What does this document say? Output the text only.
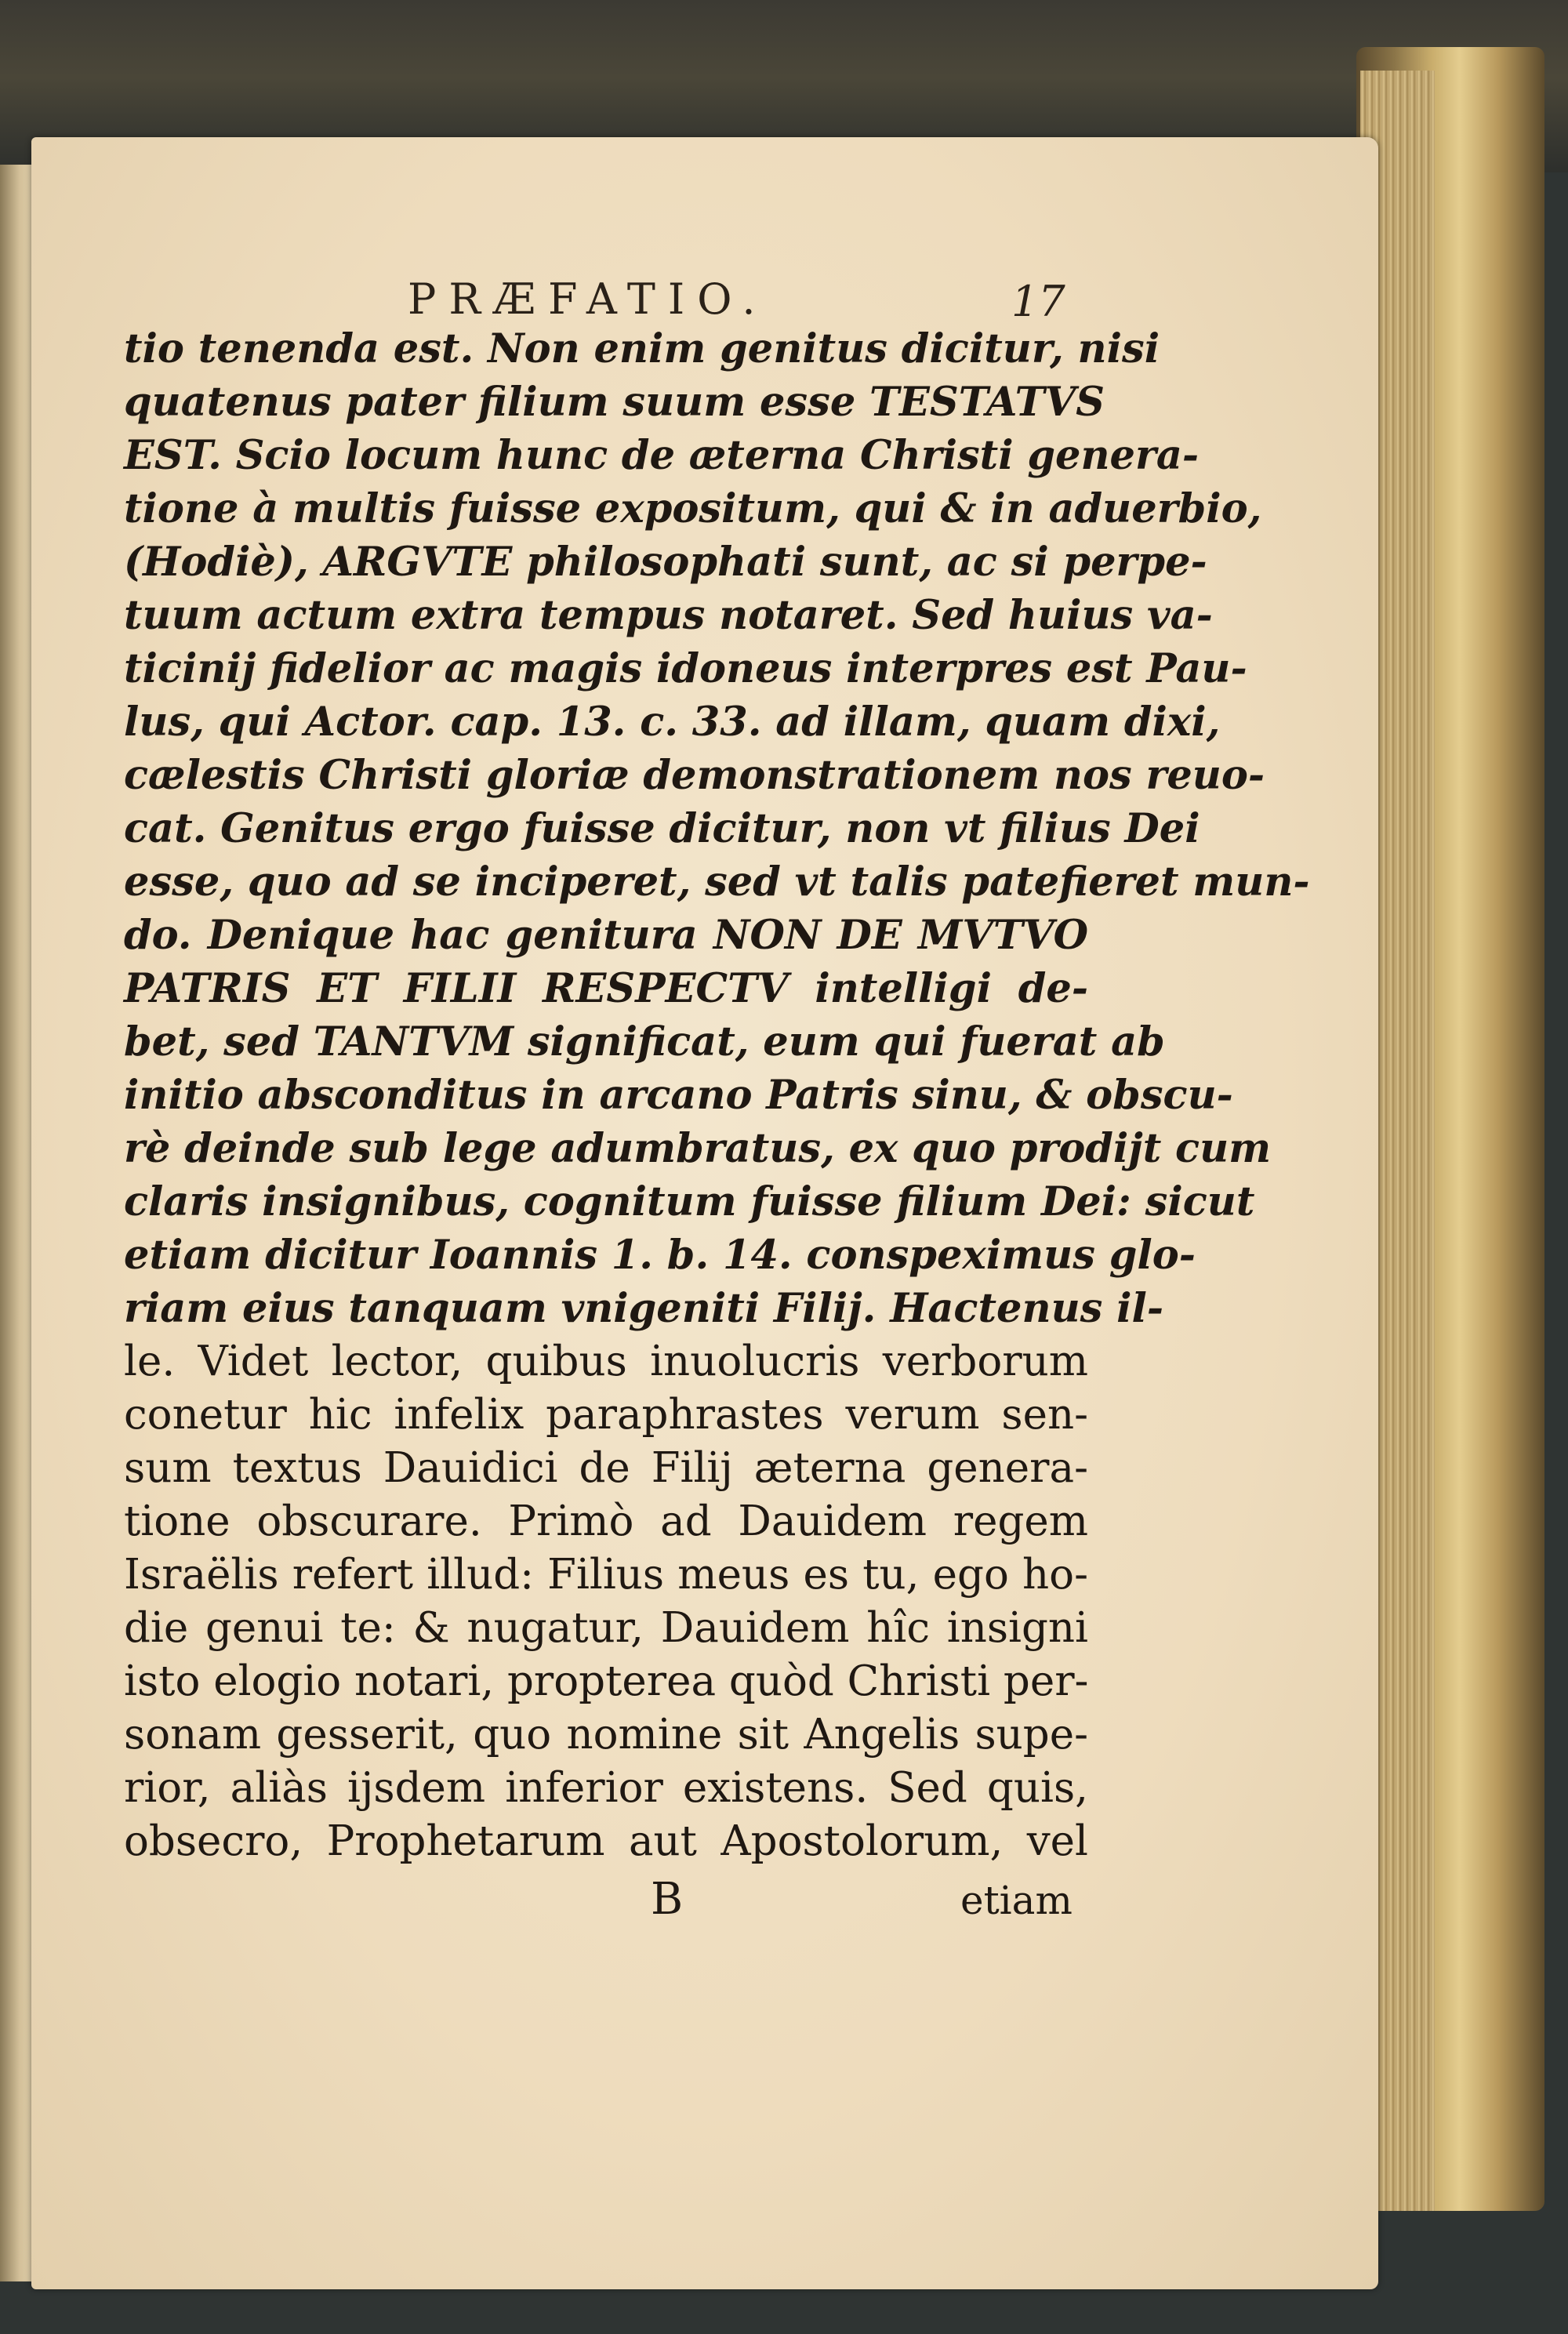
PRÆFATIO.	17
tio tenenda est. Non enim genitus dicitur, nisi
quatenus pater filium suum esse TESTATVS
EST. Scio locum hunc de æterna Christi genera-
tione à multis fuisse expositum, qui & in aduerbio,
(Hodiè), ARGVTE philosophati sunt, ac si perpe-
tuum actum extra tempus notaret. Sed huius va-
ticinij fidelior ac magis idoneus interpres est Pau-
lus, qui Actor. cap. 13. c. 33. ad illam, quam dixi,
cælestis Christi gloriæ demonstrationem nos reuo-
cat. Genitus ergo fuisse dicitur, non vt filius Dei
esse, quo ad se inciperet, sed vt talis patefieret mun-
do. Denique hac genitura NON DE MVTVO
PATRIS ET FILII RESPECTV intelligi de-
bet, sed TANTVM significat, eum qui fuerat ab
initio absconditus in arcano Patris sinu, & obscu-
rè deinde sub lege adumbratus, ex quo prodijt cum
claris insignibus, cognitum fuisse filium Dei: sicut
etiam dicitur Ioannis 1. b. 14. conspeximus glo-
riam eius tanquam vnigeniti Filij. Hactenus il-
le. Videt lector, quibus inuolucris verborum
conetur hic infelix paraphrastes verum sen-
sum textus Dauidici de Filij æterna genera-
tione obscurare. Primò ad Dauidem regem
Israëlis refert illud: Filius meus es tu, ego ho-
die genui te: & nugatur, Dauidem hîc insigni
isto elogio notari, propterea quòd Christi per-
sonam gesserit, quo nomine sit Angelis supe-
rior, aliàs ijsdem inferior existens. Sed quis,
obsecro, Prophetarum aut Apostolorum, vel
B	etiam
